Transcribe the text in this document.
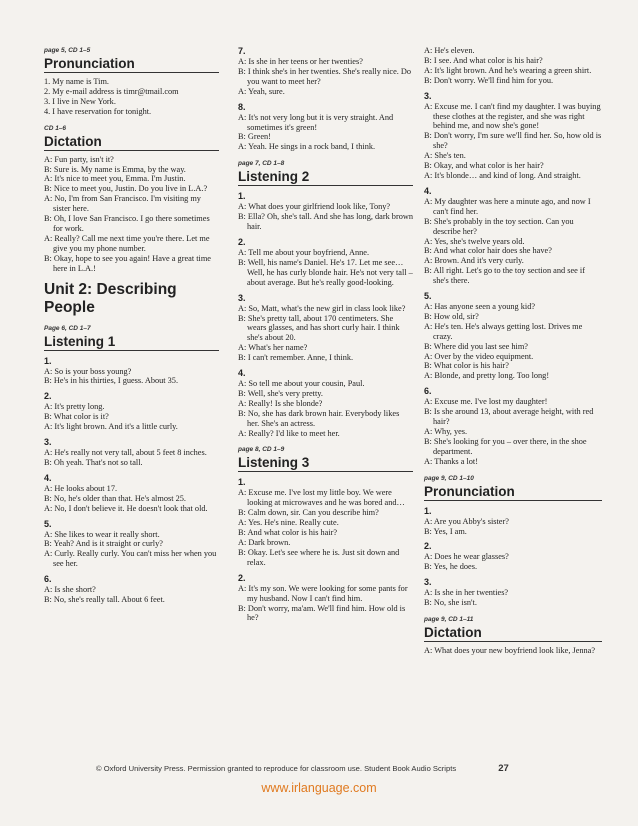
page 5, CD 1–5

Pronunciation

1. My name is Tim.

2. My e-mail address is timr@tmail.com

3. I live in New York.

4. I have reservation for tonight.

CD 1–6

Dictation

A: Fun party, isn't it?

B: Sure is. My name is Emma, by the way.

A: It's nice to meet you, Emma. I'm Justin.

B: Nice to meet you, Justin. Do you live in L.A.?

A: No, I'm from San Francisco. I'm visiting my sister here.

B: Oh, I love San Francisco. I go there sometimes for work.

A: Really? Call me next time you're there. Let me give you my phone number.

B: Okay, hope to see you again! Have a great time here in L.A.!

Unit 2: Describing
People

Page 6, CD 1–7

Listening 1

1.

A: So is your boss young?

B: He's in his thirties, I guess. About 35.

2.

A: It's pretty long.

B: What color is it?

A: It's light brown. And it's a little curly.

3.

A: He's really not very tall, about 5 feet 8 inches.

B: Oh yeah. That's not so tall.

4.

A: He looks about 17.

B: No, he's older than that. He's almost 25.

A: No, I don't believe it. He doesn't look that old.

5.

A: She likes to wear it really short.

B: Yeah? And is it straight or curly?

A: Curly. Really curly. You can't miss her when you see her.

6.

A: Is she short?

B: No, she's really tall. About 6 feet.

7.

A: Is she in her teens or her twenties?

B: I think she's in her twenties. She's really nice. Do you want to meet her?

A: Yeah, sure.

8.

A: It's not very long but it is very straight. And sometimes it's green!

B: Green!

A: Yeah. He sings in a rock band, I think.

page 7, CD 1–8

Listening 2

1.

A: What does your girlfriend look like, Tony?

B: Ella? Oh, she's tall. And she has long, dark brown hair.

2.

A: Tell me about your boyfriend, Anne.

B: Well, his name's Daniel. He's 17. Let me see… Well, he has curly blonde hair. He's not very tall – about average. But he's really good-looking.

3.

A: So, Matt, what's the new girl in class look like?

B: She's pretty tall, about 170 centimeters. She wears glasses, and has short curly hair. I think she's about 20.

A: What's her name?

B: I can't remember. Anne, I think.

4.

A: So tell me about your cousin, Paul.

B: Well, she's very pretty.

A: Really! Is she blonde?

B: No, she has dark brown hair. Everybody likes her. She's an actress.

A: Really? I'd like to meet her.

page 8, CD 1–9

Listening 3

1.

A: Excuse me. I've lost my little boy. We were looking at microwaves and he was bored and…

B: Calm down, sir. Can you describe him?

A: Yes. He's nine. Really cute.

B: And what color is his hair?

A: Dark brown.

B: Okay. Let's see where he is. Just sit down and relax.

2.

A: It's my son. We were looking for some pants for my husband. Now I can't find him.

B: Don't worry, ma'am. We'll find him. How old is he?

A: He's eleven.

B: I see. And what color is his hair?

A: It's light brown. And he's wearing a green shirt.

B: Don't worry. We'll find him for you.

3.

A: Excuse me. I can't find my daughter. I was buying these clothes at the register, and she was right behind me, and now she's gone!

B: Don't worry, I'm sure we'll find her. So, how old is she?

A: She's ten.

B: Okay, and what color is her hair?

A: It's blonde… and kind of long. And straight.

4.

A: My daughter was here a minute ago, and now I can't find her.

B: She's probably in the toy section. Can you describe her?

A: Yes, she's twelve years old.

B: And what color hair does she have?

A: Brown. And it's very curly.

B: All right. Let's go to the toy section and see if she's there.

5.

A: Has anyone seen a young kid?

B: How old, sir?

A: He's ten. He's always getting lost. Drives me crazy.

B: Where did you last see him?

A: Over by the video equipment.

B: What color is his hair?

A: Blonde, and pretty long. Too long!

6.

A: Excuse me. I've lost my daughter!

B: Is she around 13, about average height, with red hair?

A: Why, yes.

B: She's looking for you – over there, in the shoe department.

A: Thanks a lot!

page 9, CD 1–10

Pronunciation

1.

A: Are you Abby's sister?

B: Yes, I am.

2.

A: Does he wear glasses?

B: Yes, he does.

3.

A: Is she in her twenties?

B: No, she isn't.

page 9, CD 1–11

Dictation

A: What does your new boyfriend look like, Jenna?

© Oxford University Press. Permission granted to reproduce for classroom use. Student Book Audio Scripts	27
www.irlanguage.com
